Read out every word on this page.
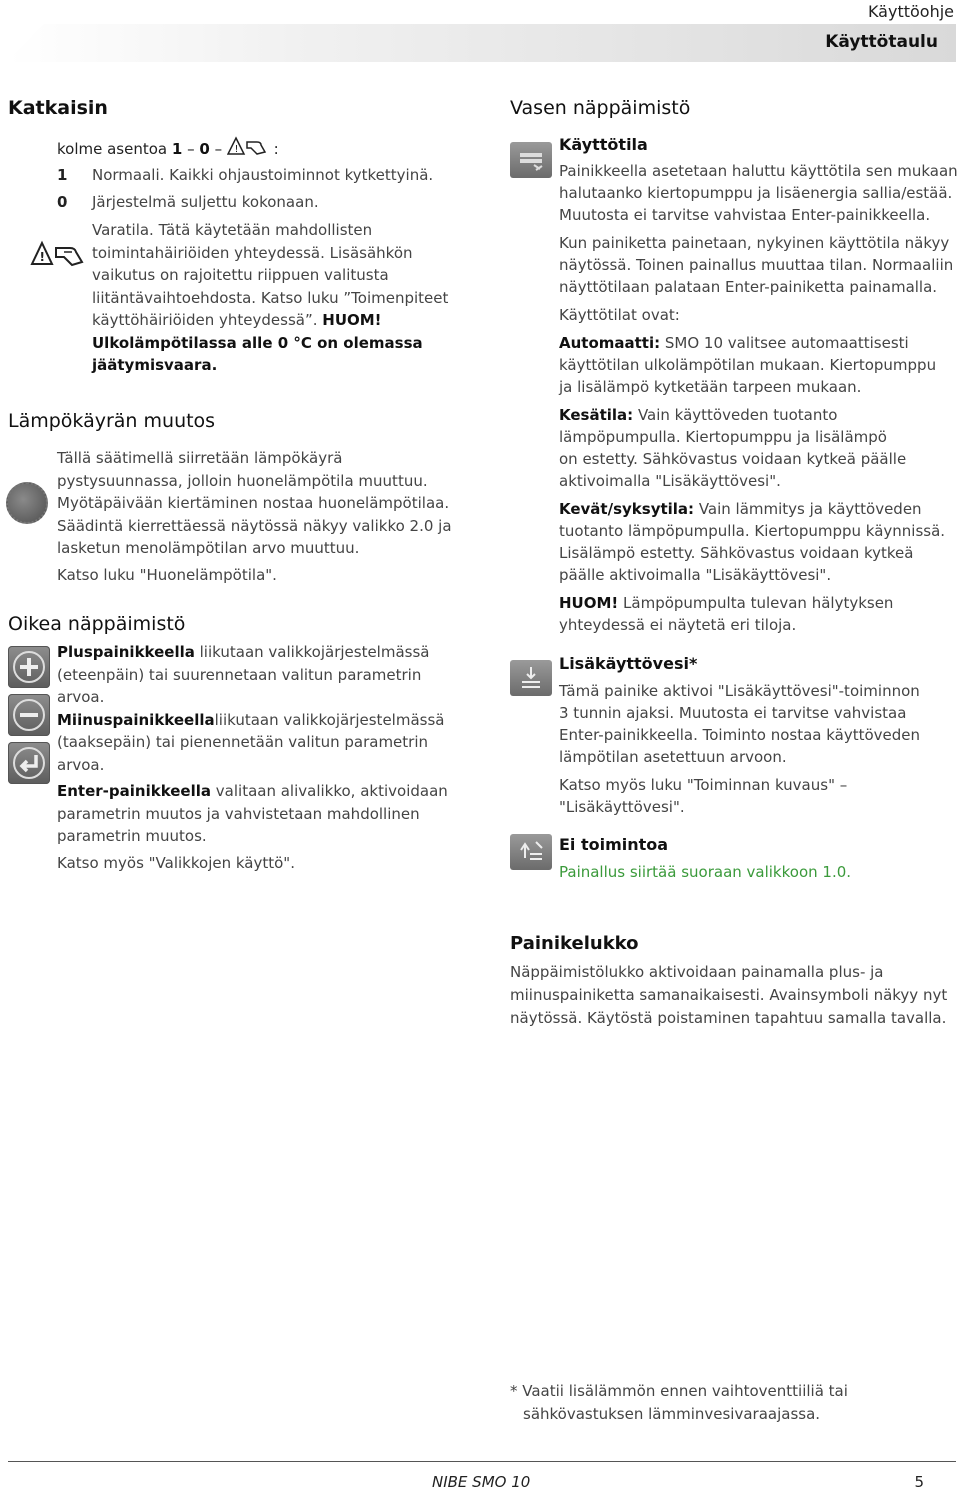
Käyttöohje
Käyttötaulu
Katkaisin
kolme asentoa 1 – 0 – ! :
1 Normaali. Kaikki ohjaustoiminnot kytkettyinä.
0 Järjestelmä suljettu kokonaan.
!
Varatila. Tätä käytetään mahdollisten
toimintahäiriöiden yhteydessä. Lisäsähkön
vaikutus on rajoitettu riippuen valitusta
liitäntävaihtoehdosta. Katso luku ”Toimenpiteet
käyttöhäiriöiden yhteydessä”. HUOM!
Ulkolämpötilassa alle 0 °C on olemassa
jäätymisvaara.
Lämpökäyrän muutos
Tällä säätimellä siirretään lämpökäyrä
pystysuunnassa, jolloin huonelämpötila muuttuu.
Myötäpäivään kiertäminen nostaa huonelämpötilaa.
Säädintä kierrettäessä näytössä näkyy valikko 2.0 ja
lasketun menolämpötilan arvo muuttuu.
Katso luku "Huonelämpötila".
Oikea näppäimistö
Pluspainikkeella liikutaan valikkojärjestelmässä
(eteenpäin) tai suurennetaan valitun parametrin
arvoa.
Miinuspainikkeellaliikutaan valikkojärjestelmässä
(taaksepäin) tai pienennetään valitun parametrin
arvoa.
Enter-painikkeella valitaan alivalikko, aktivoidaan
parametrin muutos ja vahvistetaan mahdollinen
parametrin muutos.
Katso myös "Valikkojen käyttö".
Vasen näppäimistö
Käyttötila
Painikkeella asetetaan haluttu käyttötila sen mukaan
halutaanko kiertopumppu ja lisäenergia sallia/estää.
Muutosta ei tarvitse vahvistaa Enter-painikkeella.
Kun painiketta painetaan, nykyinen käyttötila näkyy
näytössä. Toinen painallus muuttaa tilan. Normaaliin
näyttötilaan palataan Enter-painiketta painamalla.
Käyttötilat ovat:
Automaatti: SMO 10 valitsee automaattisesti
käyttötilan ulkolämpötilan mukaan. Kiertopumppu
ja lisälämpö kytketään tarpeen mukaan.
Kesätila: Vain käyttöveden tuotanto
lämpöpumpulla. Kiertopumppu ja lisälämpö
on estetty. Sähkövastus voidaan kytkeä päälle
aktivoimalla "Lisäkäyttövesi".
Kevät/syksytila: Vain lämmitys ja käyttöveden
tuotanto lämpöpumpulla. Kiertopumppu käynnissä.
Lisälämpö estetty. Sähkövastus voidaan kytkeä
päälle aktivoimalla "Lisäkäyttövesi".
HUOM! Lämpöpumpulta tulevan hälytyksen
yhteydessä ei näytetä eri tiloja.
Lisäkäyttövesi*
Tämä painike aktivoi "Lisäkäyttövesi"-toiminnon
3 tunnin ajaksi. Muutosta ei tarvitse vahvistaa
Enter-painikkeella. Toiminto nostaa käyttöveden
lämpötilan asetettuun arvoon.
Katso myös luku "Toiminnan kuvaus" –
"Lisäkäyttövesi".
Ei toimintoa
Painallus siirtää suoraan valikkoon 1.0.
Painikelukko
Näppäimistölukko aktivoidaan painamalla plus- ja
miinuspainiketta samanaikaisesti. Avainsymboli näkyy nyt
näytössä. Käytöstä poistaminen tapahtuu samalla tavalla.
* Vaatii lisälämmön ennen vaihtoventtiiliä tai
sähkövastuksen lämminvesivaraajassa.
NIBE SMO 10	5
